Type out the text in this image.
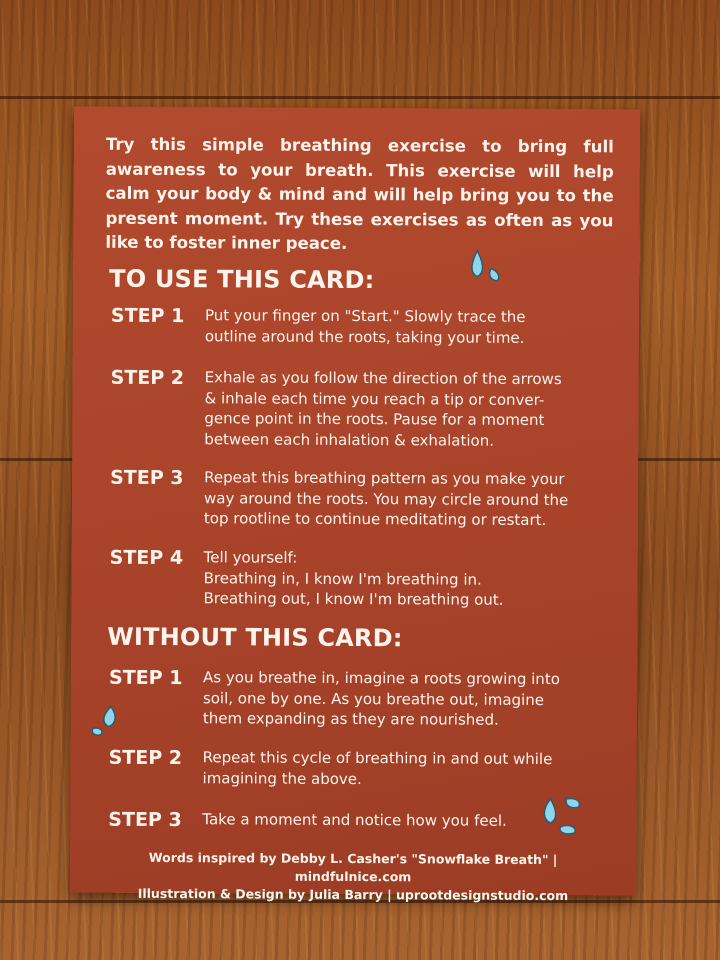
Try this simple breathing exercise to bring full awareness to your breath. This exercise will help calm your body & mind and will help bring you to the present moment. Try these exercises as often as you like to foster inner peace.

TO USE THIS CARD:
STEP 1	Put your finger on "Start." Slowly trace the
outline around the roots, taking your time.

STEP 2	Exhale as you follow the direction of the arrows
& inhale each time you reach a tip or conver-
gence point in the roots. Pause for a moment
between each inhalation & exhalation.

STEP 3	Repeat this breathing pattern as you make your
way around the roots. You may circle around the
top rootline to continue meditating or restart.

STEP 4	Tell yourself:
Breathing in, I know I'm breathing in.
Breathing out, I know I'm breathing out.

WITHOUT THIS CARD:
STEP 1	As you breathe in, imagine a roots growing into
soil, one by one. As you breathe out, imagine
them expanding as they are nourished.

STEP 2	Repeat this cycle of breathing in and out while
imagining the above.

STEP 3	Take a moment and notice how you feel.

Words inspired by Debby L. Casher's "Snowflake Breath" | mindfulnice.com
Illustration & Design by Julia Barry | uprootdesignstudio.com
